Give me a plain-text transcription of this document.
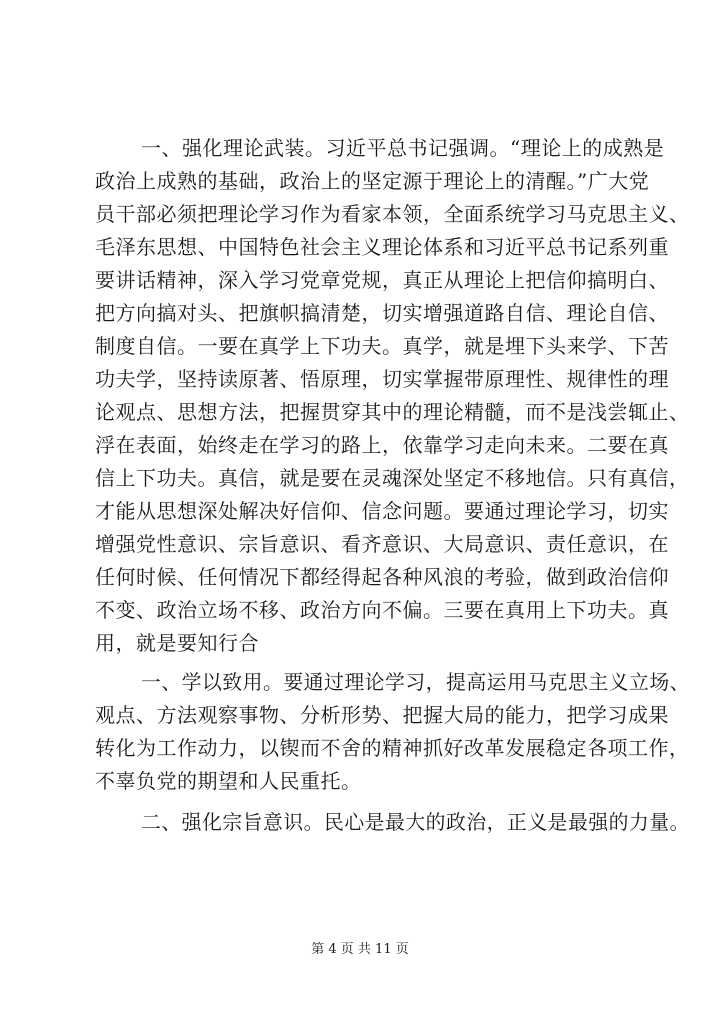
一、强化理论武装。习近平总书记强调。“理论上的成熟是
政治上成熟的基础，政治上的坚定源于理论上的清醒。”广大党
员干部必须把理论学习作为看家本领，全面系统学习马克思主义、
毛泽东思想、中国特色社会主义理论体系和习近平总书记系列重
要讲话精神，深入学习党章党规，真正从理论上把信仰搞明白、
把方向搞对头、把旗帜搞清楚，切实增强道路自信、理论自信、
制度自信。一要在真学上下功夫。真学，就是埋下头来学、下苦
功夫学，坚持读原著、悟原理，切实掌握带原理性、规律性的理
论观点、思想方法，把握贯穿其中的理论精髓，而不是浅尝辄止、
浮在表面，始终走在学习的路上，依靠学习走向未来。二要在真
信上下功夫。真信，就是要在灵魂深处坚定不移地信。只有真信，
才能从思想深处解决好信仰、信念问题。要通过理论学习，切实
增强党性意识、宗旨意识、看齐意识、大局意识、责任意识，在
任何时候、任何情况下都经得起各种风浪的考验，做到政治信仰
不变、政治立场不移、政治方向不偏。三要在真用上下功夫。真
用，就是要知行合
一、学以致用。要通过理论学习，提高运用马克思主义立场、
观点、方法观察事物、分析形势、把握大局的能力，把学习成果
转化为工作动力，以锲而不舍的精神抓好改革发展稳定各项工作，
不辜负党的期望和人民重托。
二、强化宗旨意识。民心是最大的政治，正义是最强的力量。
第 4 页 共 11 页
